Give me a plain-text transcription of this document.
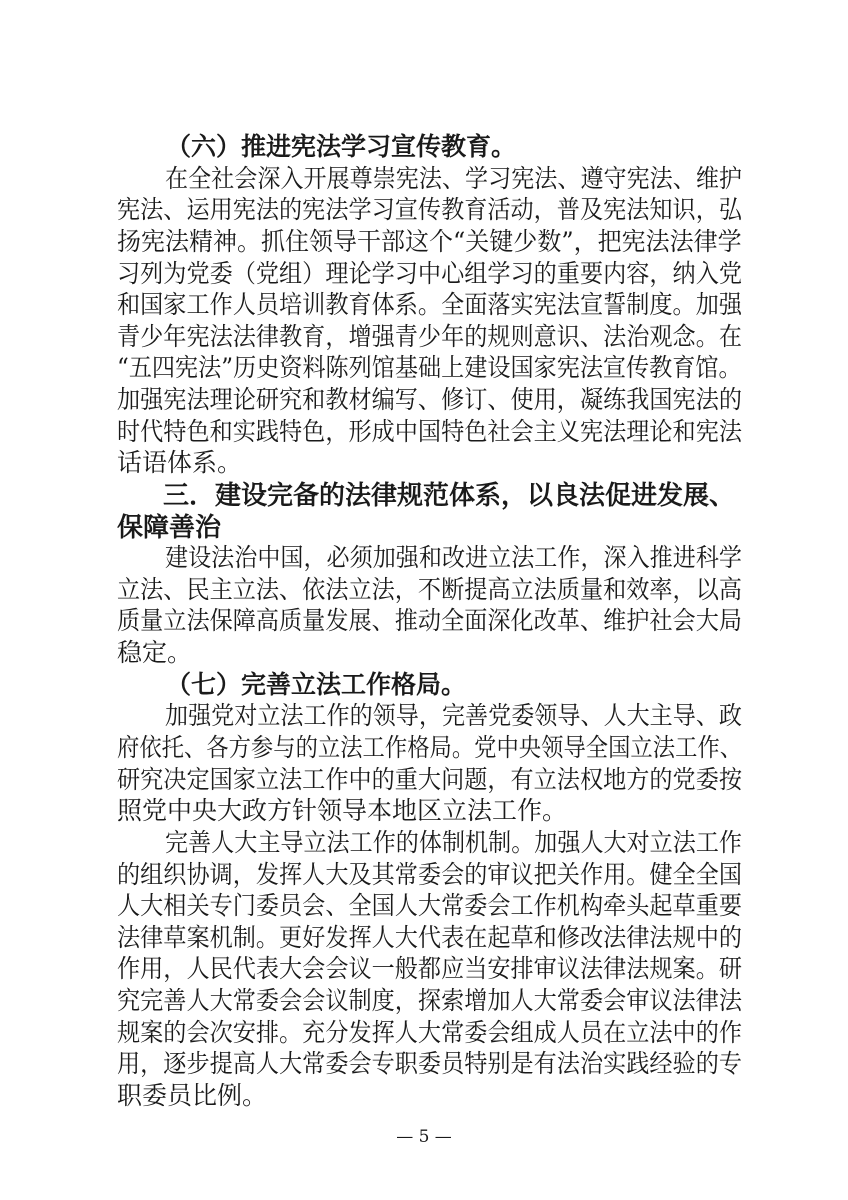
（六）推进宪法学习宣传教育。
在全社会深入开展尊崇宪法、学习宪法、遵守宪法、维护
宪法、运用宪法的宪法学习宣传教育活动，普及宪法知识，弘
扬宪法精神。抓住领导干部这个“关键少数”，把宪法法律学
习列为党委（党组）理论学习中心组学习的重要内容，纳入党
和国家工作人员培训教育体系。全面落实宪法宣誓制度。加强
青少年宪法法律教育，增强青少年的规则意识、法治观念。在
“五四宪法”历史资料陈列馆基础上建设国家宪法宣传教育馆。
加强宪法理论研究和教材编写、修订、使用，凝练我国宪法的
时代特色和实践特色，形成中国特色社会主义宪法理论和宪法
话语体系。
三．建设完备的法律规范体系，以良法促进发展、
保障善治
建设法治中国，必须加强和改进立法工作，深入推进科学
立法、民主立法、依法立法，不断提高立法质量和效率，以高
质量立法保障高质量发展、推动全面深化改革、维护社会大局
稳定。
（七）完善立法工作格局。
加强党对立法工作的领导，完善党委领导、人大主导、政
府依托、各方参与的立法工作格局。党中央领导全国立法工作、
研究决定国家立法工作中的重大问题，有立法权地方的党委按
照党中央大政方针领导本地区立法工作。
完善人大主导立法工作的体制机制。加强人大对立法工作
的组织协调，发挥人大及其常委会的审议把关作用。健全全国
人大相关专门委员会、全国人大常委会工作机构牵头起草重要
法律草案机制。更好发挥人大代表在起草和修改法律法规中的
作用，人民代表大会会议一般都应当安排审议法律法规案。研
究完善人大常委会会议制度，探索增加人大常委会审议法律法
规案的会次安排。充分发挥人大常委会组成人员在立法中的作
用，逐步提高人大常委会专职委员特别是有法治实践经验的专
职委员比例。
— 5 —
